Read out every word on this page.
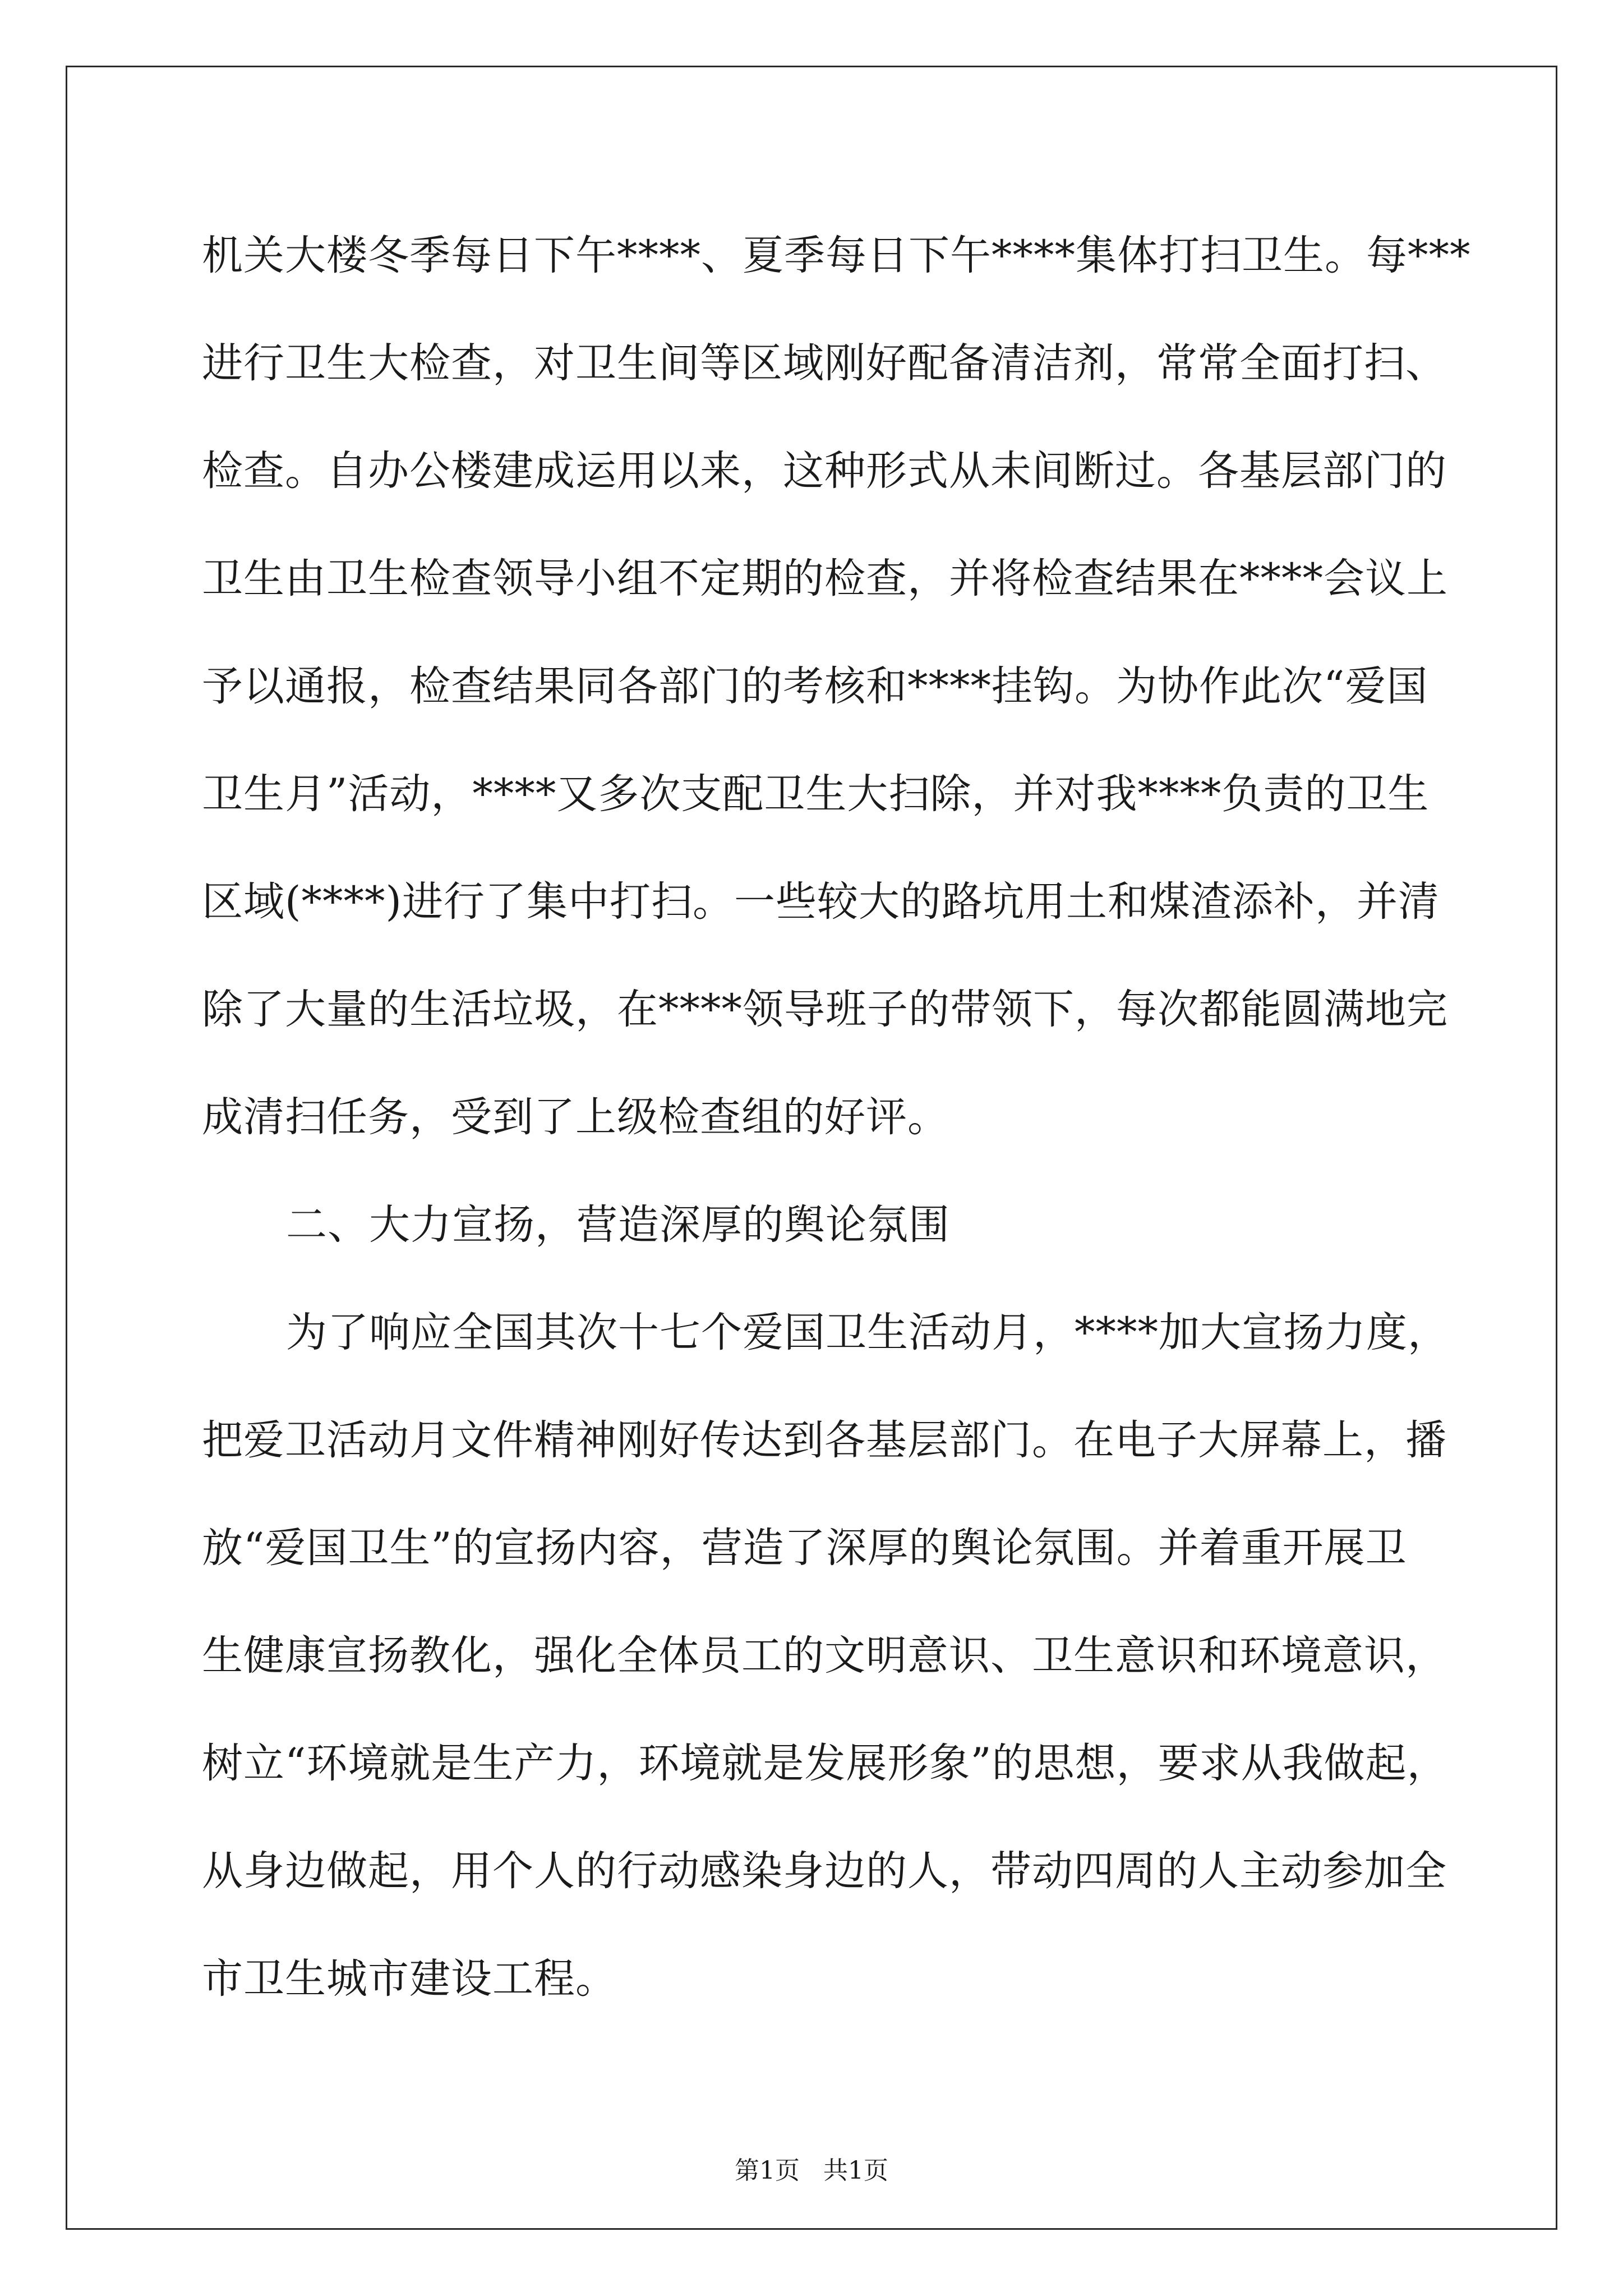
机关大楼冬季每日下午****、夏季每日下午****集体打扫卫生。每***
进行卫生大检查，对卫生间等区域刚好配备清洁剂，常常全面打扫、
检查。自办公楼建成运用以来，这种形式从未间断过。各基层部门的
卫生由卫生检查领导小组不定期的检查，并将检查结果在****会议上
予以通报，检查结果同各部门的考核和****挂钩。为协作此次“爱国
卫生月”活动，****又多次支配卫生大扫除，并对我****负责的卫生
区域(****)进行了集中打扫。一些较大的路坑用土和煤渣添补，并清
除了大量的生活垃圾，在****领导班子的带领下，每次都能圆满地完
成清扫任务，受到了上级检查组的好评。
二、大力宣扬，营造深厚的舆论氛围
为了响应全国其次十七个爱国卫生活动月，****加大宣扬力度，
把爱卫活动月文件精神刚好传达到各基层部门。在电子大屏幕上，播
放“爱国卫生”的宣扬内容，营造了深厚的舆论氛围。并着重开展卫
生健康宣扬教化，强化全体员工的文明意识、卫生意识和环境意识，
树立“环境就是生产力，环境就是发展形象”的思想，要求从我做起，
从身边做起，用个人的行动感染身边的人，带动四周的人主动参加全
市卫生城市建设工程。
第1页   共1页
